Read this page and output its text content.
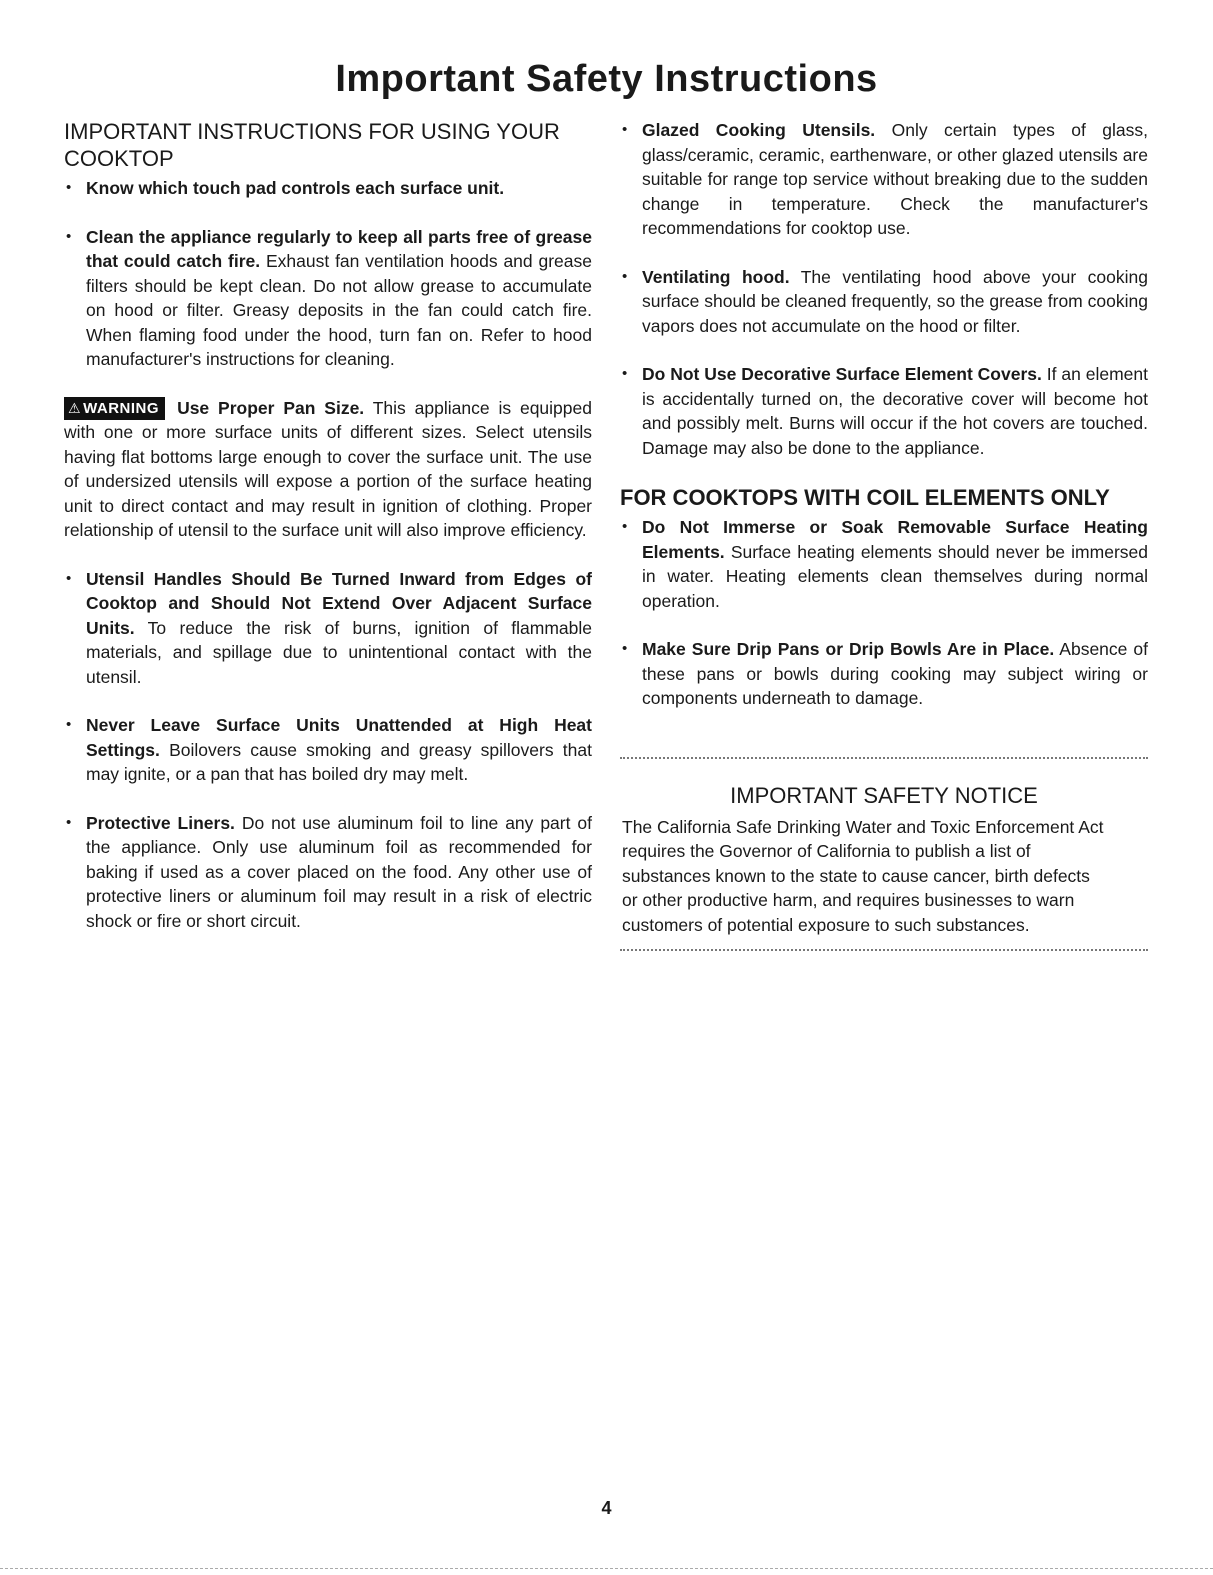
Important Safety Instructions
IMPORTANT INSTRUCTIONS FOR USING YOUR COOKTOP
• Know which touch pad controls each surface unit.
• Clean the appliance regularly to keep all parts free of grease that could catch fire. Exhaust fan ventilation hoods and grease filters should be kept clean. Do not allow grease to accumulate on hood or filter. Greasy deposits in the fan could catch fire. When flaming food under the hood, turn fan on. Refer to hood manufacturer's instructions for cleaning.
⚠ WARNING Use Proper Pan Size. This appliance is equipped with one or more surface units of different sizes. Select utensils having flat bottoms large enough to cover the surface unit. The use of undersized utensils will expose a portion of the surface heating unit to direct contact and may result in ignition of clothing. Proper relationship of utensil to the surface unit will also improve efficiency.
• Utensil Handles Should Be Turned Inward from Edges of Cooktop and Should Not Extend Over Adjacent Surface Units. To reduce the risk of burns, ignition of flammable materials, and spillage due to unintentional contact with the utensil.
• Never Leave Surface Units Unattended at High Heat Settings. Boilovers cause smoking and greasy spillovers that may ignite, or a pan that has boiled dry may melt.
• Protective Liners. Do not use aluminum foil to line any part of the appliance. Only use aluminum foil as recommended for baking if used as a cover placed on the food. Any other use of protective liners or aluminum foil may result in a risk of electric shock or fire or short circuit.
• Glazed Cooking Utensils. Only certain types of glass, glass/ceramic, ceramic, earthenware, or other glazed utensils are suitable for range top service without breaking due to the sudden change in temperature. Check the manufacturer's recommendations for cooktop use.
• Ventilating hood. The ventilating hood above your cooking surface should be cleaned frequently, so the grease from cooking vapors does not accumulate on the hood or filter.
• Do Not Use Decorative Surface Element Covers. If an element is accidentally turned on, the decorative cover will become hot and possibly melt. Burns will occur if the hot covers are touched. Damage may also be done to the appliance.
FOR COOKTOPS WITH COIL ELEMENTS ONLY
• Do Not Immerse or Soak Removable Surface Heating Elements. Surface heating elements should never be immersed in water. Heating elements clean themselves during normal operation.
• Make Sure Drip Pans or Drip Bowls Are in Place. Absence of these pans or bowls during cooking may subject wiring or components underneath to damage.
IMPORTANT SAFETY NOTICE
The California Safe Drinking Water and Toxic Enforcement Act requires the Governor of California to publish a list of substances known to the state to cause cancer, birth defects or other productive harm, and requires businesses to warn customers of potential exposure to such substances.
4
